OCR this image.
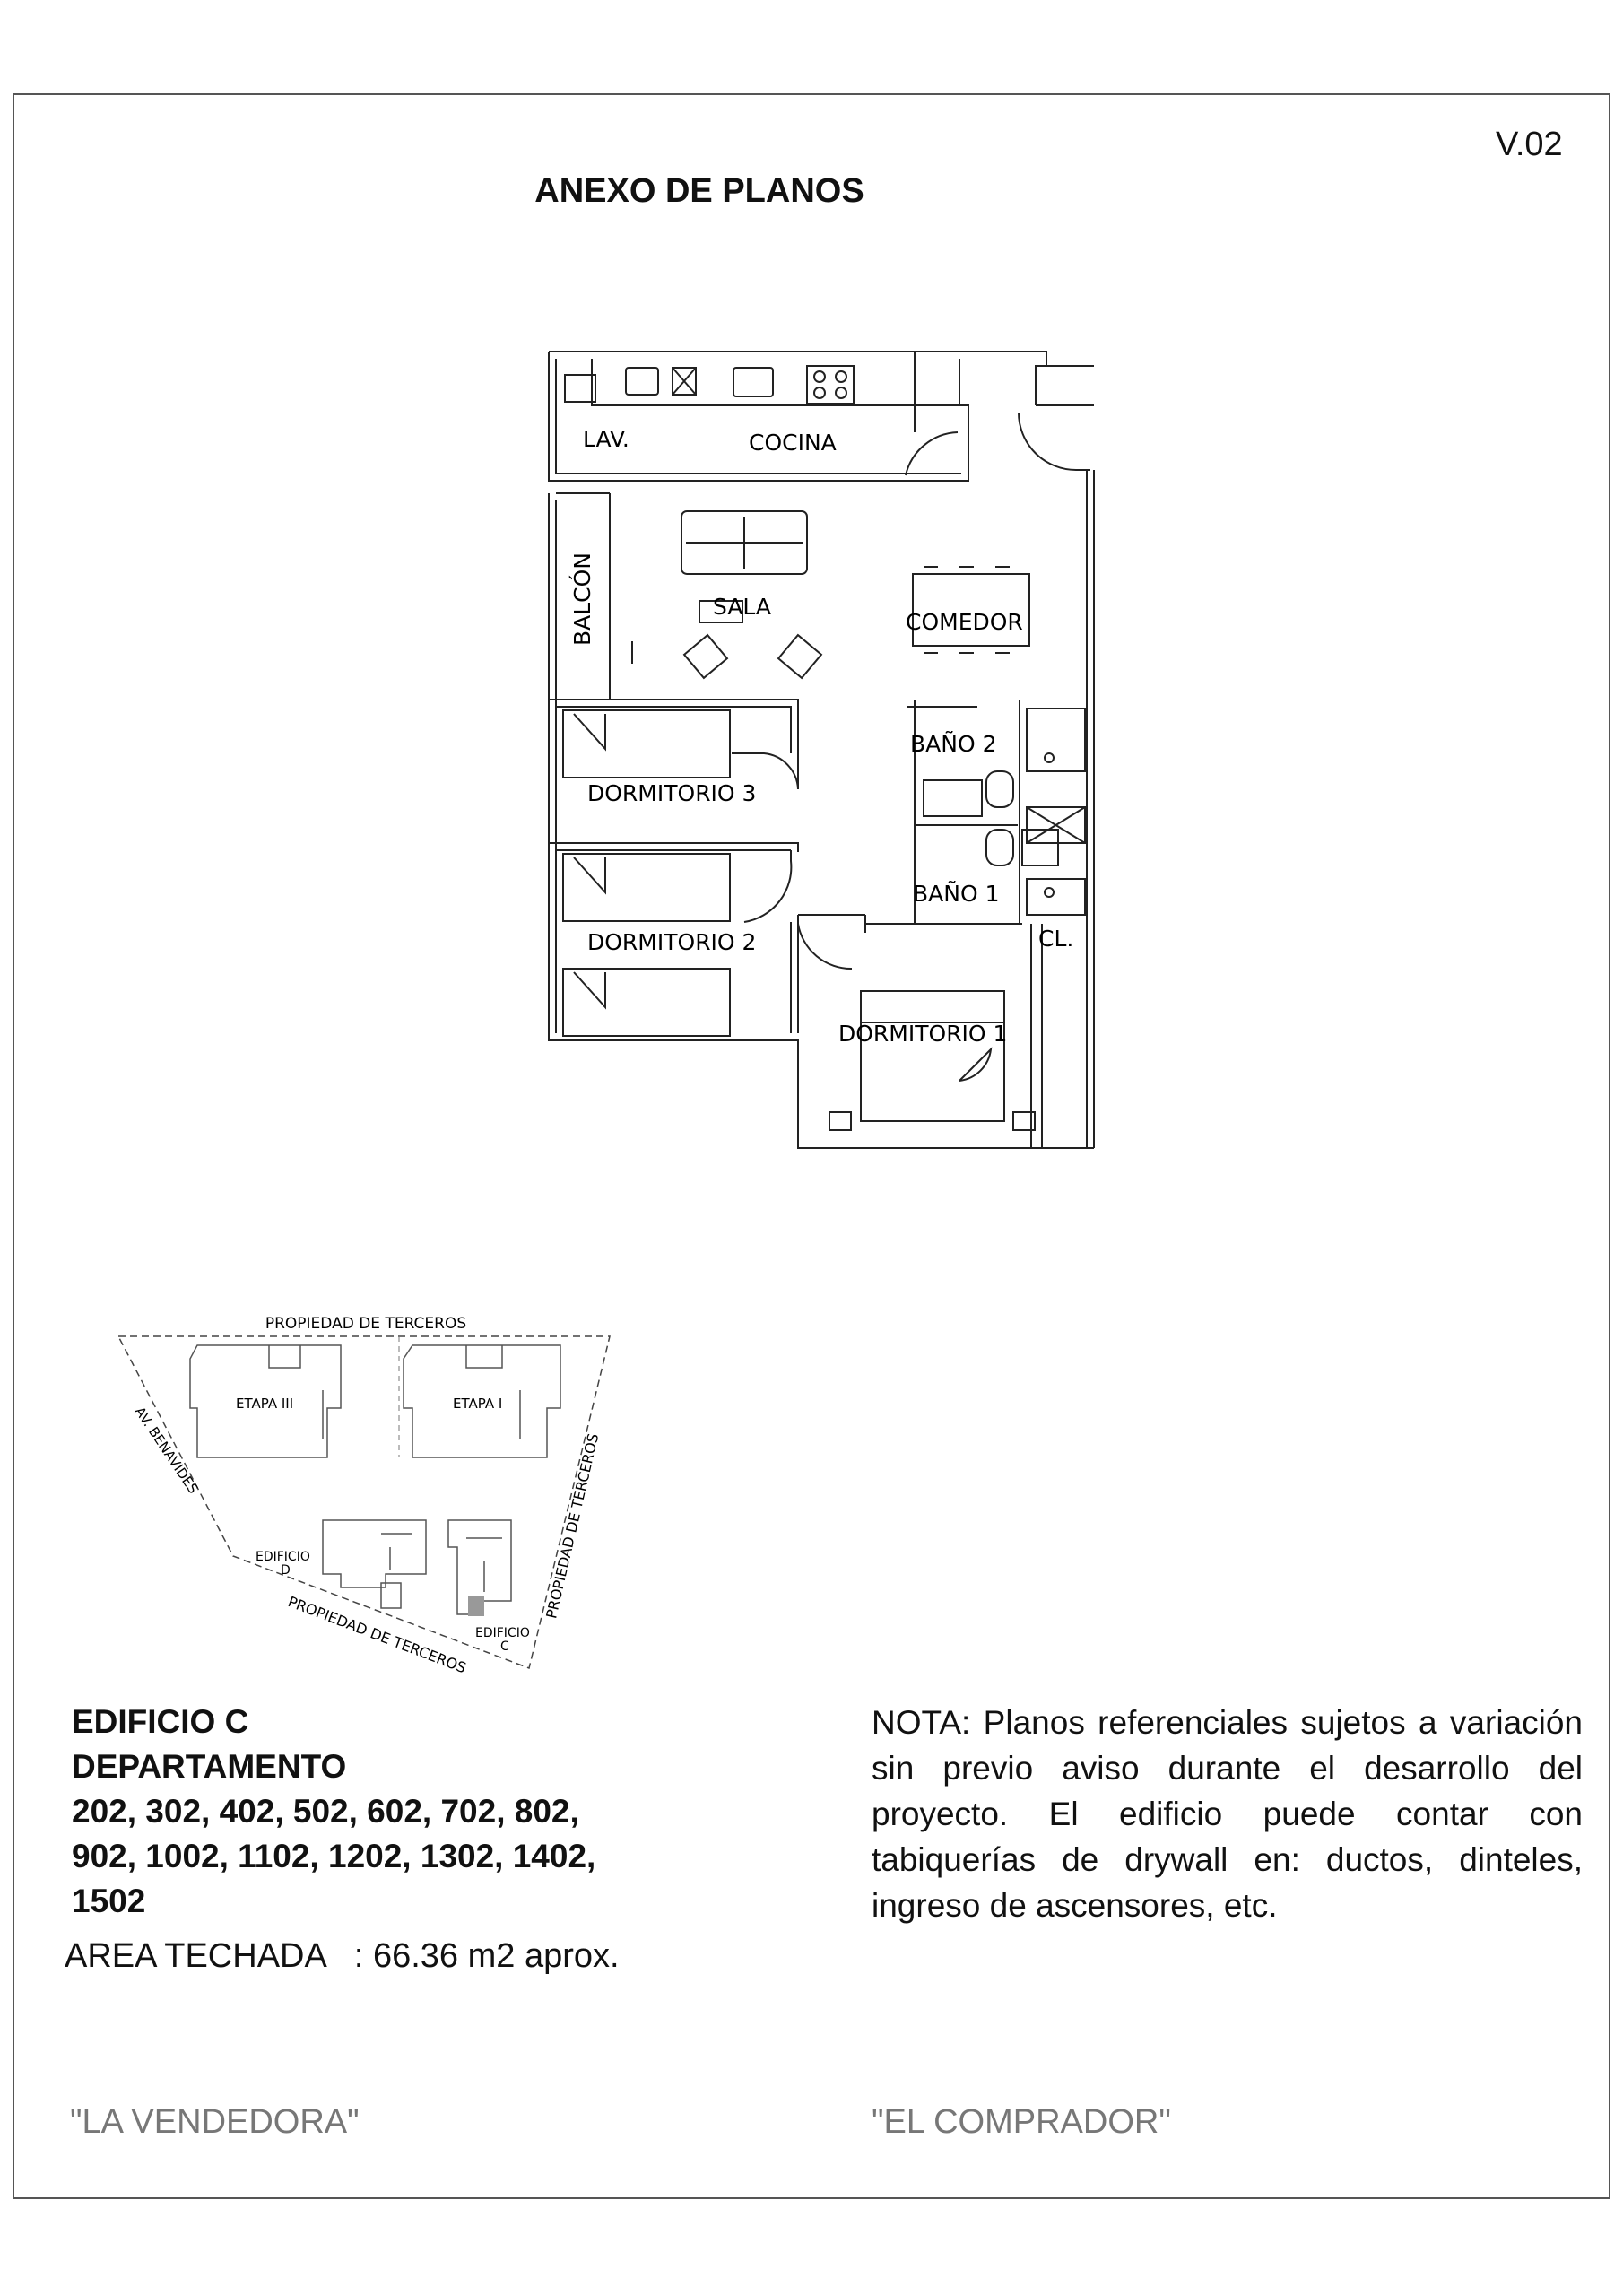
V.02
ANEXO DE PLANOS
LAV.	COCINA
BALCÓN	SALA
COMEDOR
BAÑO 2
BAÑO 1
DORMITORIO 3
DORMITORIO 2
DORMITORIO 1
CL.
PROPIEDAD DE TERCEROS
ETAPA III	ETAPA I
AV. BENAVIDES	PROPIEDAD DE TERCEROS
PROPIEDAD DE TERCEROS
EDIFICIO
D
EDIFICIO
C
EDIFICIO C
DEPARTAMENTO
202, 302, 402, 502, 602, 702, 802,
902, 1002, 1102, 1202, 1302, 1402,
1502
AREA TECHADA : 66.36 m2 aprox.
NOTA: Planos referenciales sujetos a variación sin previo aviso durante el desarrollo del proyecto. El edificio puede contar con tabiquerías de drywall en: ductos, dinteles, ingreso de ascensores, etc.
"LA VENDEDORA"	"EL COMPRADOR"
